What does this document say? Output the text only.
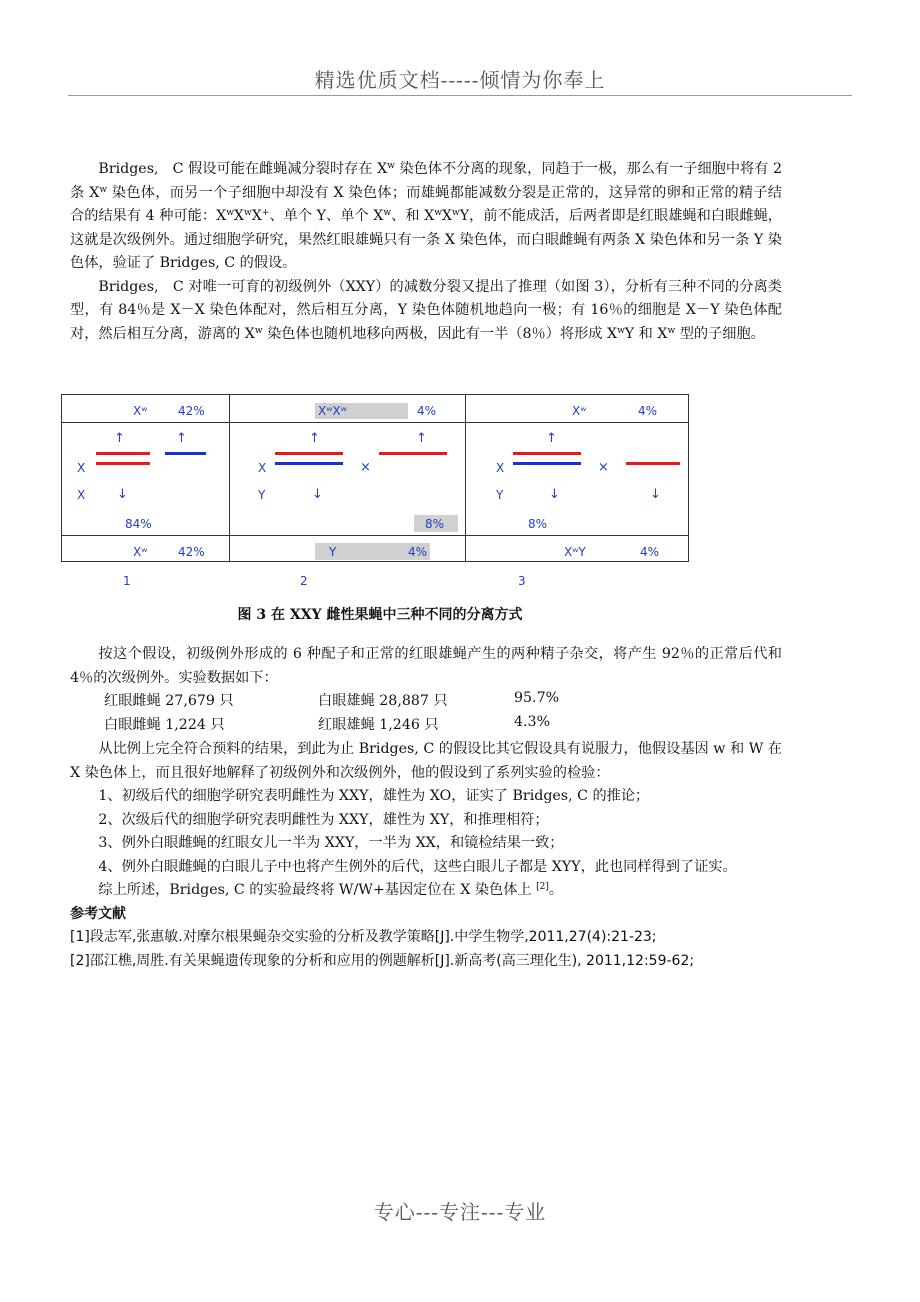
精选优质文档-----倾情为你奉上

Bridges,　C 假设可能在雌蝇减分裂时存在 $X^w$ 染色体不分离的现象，同趋于一极，那么有一子细胞中将有 2 条 $X^w$ 染色体，而另一个子细胞中却没有 X 染色体；而雄蝇都能减数分裂是正常的，这异常的卵和正常的精子结合的结果有 4 种可能：$X^wX^wX^+$、单个 Y、单个 $X^w$、和 $X^wX^wY$，前不能成活，后两者即是红眼雄蝇和白眼雌蝇，这就是次级例外。通过细胞学研究，果然红眼雄蝇只有一条 X 染色体，而白眼雌蝇有两条 X 染色体和另一条 Y 染色体，验证了 Bridges, C 的假设。

Bridges,　C 对唯一可育的初级例外（XXY）的减数分裂又提出了推理（如图 3），分析有三种不同的分离类型，有 84％是 X－X 染色体配对，然后相互分离，Y 染色体随机地趋向一极；有 16％的细胞是 X－Y 染色体配对，然后相互分离，游离的 $X^w$ 染色体也随机地移向两极，因此有一半（8％）将形成 $X^wY$ 和 $X^w$ 型的子细胞。

Xʷ	42%
↑	↑
X
X ↓
84%
Xʷ	42%
XʷXʷ	4%
↑	↑
×
X
Y	↓
8%
Y	4%
Xʷ	4%
↑
×
X
Y	↓	↓
8%
XʷY	4%
1	2	3
图 3 在 XXY 雌性果蝇中三种不同的分离方式

按这个假设，初级例外形成的 6 种配子和正常的红眼雄蝇产生的两种精子杂交，将产生 92％的正常后代和 4％的次级例外。实验数据如下：

红眼雌蝇 27,679 只	白眼雄蝇 28,887 只	95.7%
白眼雌蝇 1,224 只	红眼雄蝇 1,246 只	4.3%

从比例上完全符合预料的结果，到此为止 Bridges, C 的假设比其它假设具有说服力，他假设基因 w 和 W 在 X 染色体上，而且很好地解释了初级例外和次级例外，他的假设到了系列实验的检验：

1、初级后代的细胞学研究表明雌性为 XXY，雄性为 XO，证实了 Bridges, C 的推论；

2、次级后代的细胞学研究表明雌性为 XXY，雄性为 XY，和推理相符；

3、例外白眼雌蝇的红眼女儿一半为 XXY，一半为 XX，和镜检结果一致；

4、例外白眼雌蝇的白眼儿子中也将产生例外的后代，这些白眼儿子都是 XYY，此也同样得到了证实。

综上所述，Bridges, C 的实验最终将 W/W+基因定位在 X 染色体上 [2]。

参考文献

[1]段志军,张惠敏.对摩尔根果蝇杂交实验的分析及教学策略[J].中学生物学,2011,27(4):21-23;

[2]邵江樵,周胜.有关果蝇遗传现象的分析和应用的例题解析[J].新高考(高三理化生), 2011,12:59-62;

专心---专注---专业
